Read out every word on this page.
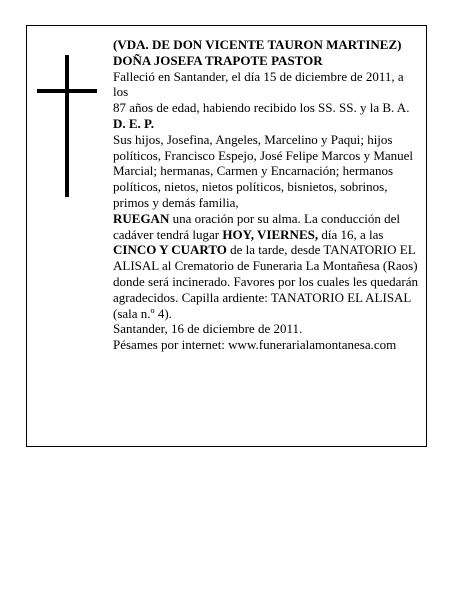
(VDA. DE DON VICENTE TAURON MARTINEZ)

DOÑA JOSEFA TRAPOTE PASTOR

Falleció en Santander, el día 15 de diciembre de 2011, a los

87 años de edad, habiendo recibido los SS. SS. y la B. A.

D. E. P.

Sus hijos, Josefina, Angeles, Marcelino y Paqui; hijos políticos, Francisco Espejo, José Felipe Marcos y Manuel Marcial; hermanas, Carmen y Encarnación; hermanos políticos, nietos, nietos políticos, bisnietos, sobrinos, primos y demás familia,

RUEGAN una oración por su alma. La conducción del cadáver tendrá lugar HOY, VIERNES, día 16, a las CINCO Y CUARTO de la tarde, desde TANATORIO EL ALISAL al Crematorio de Funeraria La Montañesa (Raos) donde será incinerado. Favores por los cuales les quedarán agradecidos. Capilla ardiente: TANATORIO EL ALISAL (sala n.º 4).

Santander, 16 de diciembre de 2011.

Pésames por internet: www.funerarialamontanesa.com
